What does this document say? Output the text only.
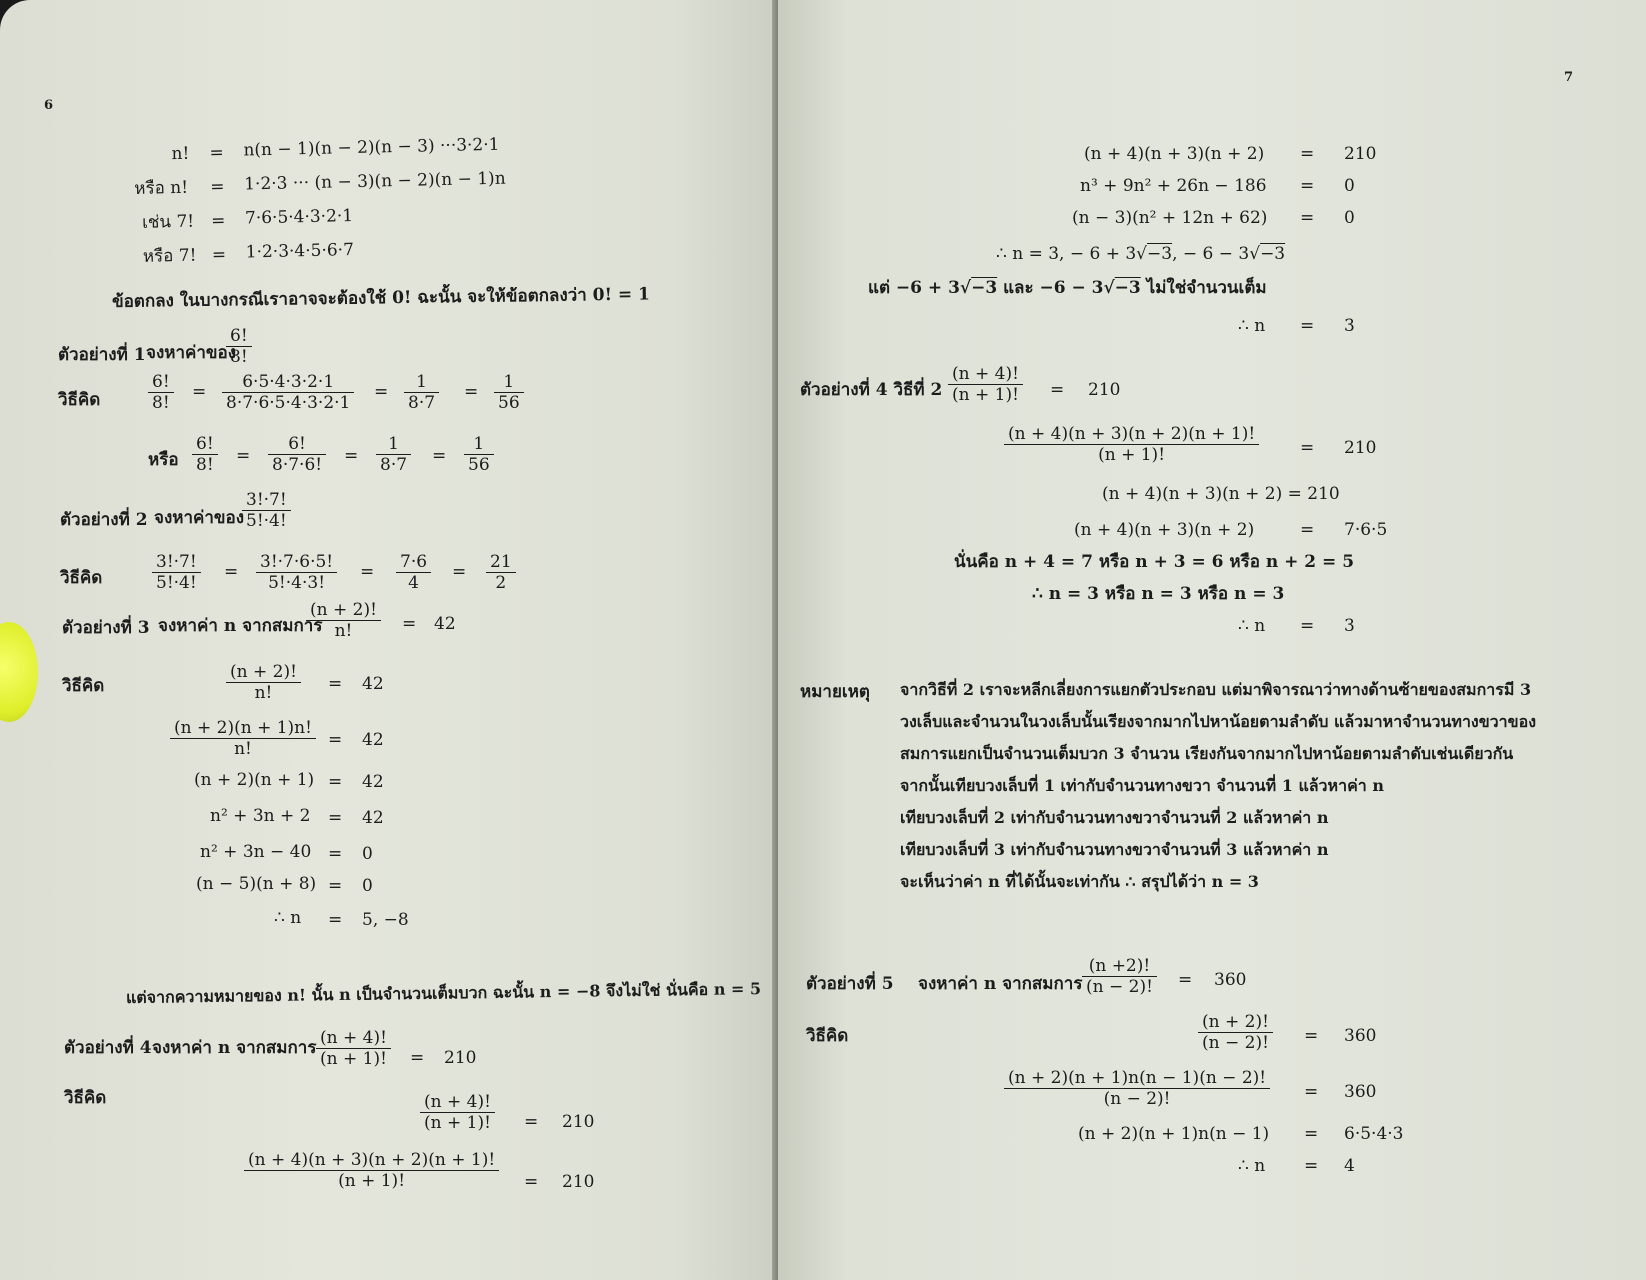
6
n! = n(n − 1)(n − 2)(n − 3) ···3·2·1
หรือ n! = 1·2·3 ··· (n − 3)(n − 2)(n − 1)n
เช่น 7! = 7·6·5·4·3·2·1
หรือ 7! = 1·2·3·4·5·6·7
ข้อตกลง ในบางกรณีเราอาจจะต้องใช้ 0! ฉะนั้น จะให้ข้อตกลงว่า 0! = 1
ตัวอย่างที่ 1 จงหาค่าของ
$\frac{6!}{8!}$
วิธีคิด	$\frac{6!}{8!} = \frac{6\cdot 5\cdot 4\cdot 3\cdot 2\cdot 1}{8\cdot 7\cdot 6\cdot 5\cdot 4\cdot 3\cdot 2\cdot 1} = \frac{1}{8\cdot 7} = \frac{1}{56}$
หรือ $\frac{6!}{8!} = \frac{6!}{8\cdot 7\cdot 6!} = \frac{1}{8\cdot 7} = \frac{1}{56}$
ตัวอย่างที่ 2 จงหาค่าของ
$\frac{3!\cdot 7!}{5!\cdot 4!}$
วิธีคิด	$\frac{3!\cdot 7!}{5!\cdot 4!} = \frac{3!\cdot 7\cdot 6\cdot 5!}{5!\cdot 4\cdot 3!} = \frac{7\cdot 6}{4} = \frac{21}{2}$
ตัวอย่างที่ 3 จงหาค่า n จากสมการ
$\frac{(n + 2)!}{n!} = 42$
วิธีคิด	$\frac{(n + 2)!}{n!} = 42$
$\frac{(n + 2)(n + 1)n!}{n!} = 42$
(n + 2)(n + 1) = 42
n² + 3n + 2 = 42
n² + 3n − 40 = 0
(n − 5)(n + 8) = 0
∴ n = 5, −8
แต่จากความหมายของ n! นั้น n เป็นจำนวนเต็มบวก ฉะนั้น n = −8 จึงไม่ใช่ นั่นคือ n = 5
ตัวอย่างที่ 4 จงหาค่า n จากสมการ $\frac{(n + 4)!}{(n + 1)!} = 210$
วิธีคิด	$\frac{(n + 4)!}{(n + 1)!} = 210$
$\frac{(n + 4)(n + 3)(n + 2)(n + 1)!}{(n + 1)!} = 210$
7
(n + 4)(n + 3)(n + 2) = 210
n³ + 9n² + 26n − 186 = 0
(n − 3)(n² + 12n + 62) = 0
∴ n = 3, − 6 + 3√−3, − 6 − 3√−3
แต่ −6 + 3√−3 และ −6 − 3√−3 ไม่ใช่จำนวนเต็ม
∴ n = 3
ตัวอย่างที่ 4 วิธีที่ $2 \frac{(n + 4)!}{(n + 1)!} = 210$
$\frac{(n + 4)(n + 3)(n + 2)(n + 1)!}{(n + 1)!} = 210$
(n + 4)(n + 3)(n + 2) = 210
(n + 4)(n + 3)(n + 2)	= 7·6·5
นั่นคือ n + 4 = 7 หรือ n + 3 = 6 หรือ n + 2 = 5
∴ n = 3 หรือ n = 3 หรือ n = 3
∴ n = 3
หมายเหตุ จากวิธีที่ 2 เราจะหลีกเลี่ยงการแยกตัวประกอบ แต่มาพิจารณาว่าทางด้านซ้ายของสมการมี 3
วงเล็บและจำนวนในวงเล็บนั้นเรียงจากมากไปหาน้อยตามลำดับ แล้วมาหาจำนวนทางขวาของ
สมการแยกเป็นจำนวนเต็มบวก 3 จำนวน เรียงกันจากมากไปหาน้อยตามลำดับเช่นเดียวกัน
จากนั้นเทียบวงเล็บที่ 1 เท่ากับจำนวนทางขวา จำนวนที่ 1 แล้วหาค่า n
เทียบวงเล็บที่ 2 เท่ากับจำนวนทางขวาจำนวนที่ 2 แล้วหาค่า n
เทียบวงเล็บที่ 3 เท่ากับจำนวนทางขวาจำนวนที่ 3 แล้วหาค่า n
จะเห็นว่าค่า n ที่ได้นั้นจะเท่ากัน ∴ สรุปได้ว่า n = 3
ตัวอย่างที่ 5 จงหาค่า n จากสมการ $\frac{(n +2)!}{(n - 2)!} = 360$
วิธีคิด	$\frac{(n + 2)!}{(n - 2)!} = 360$
$\frac{(n + 2)(n + 1)n(n - 1)(n - 2)!}{(n - 2)!} = 360$
(n + 2)(n + 1)n(n − 1) = 6·5·4·3
∴ n = 4
